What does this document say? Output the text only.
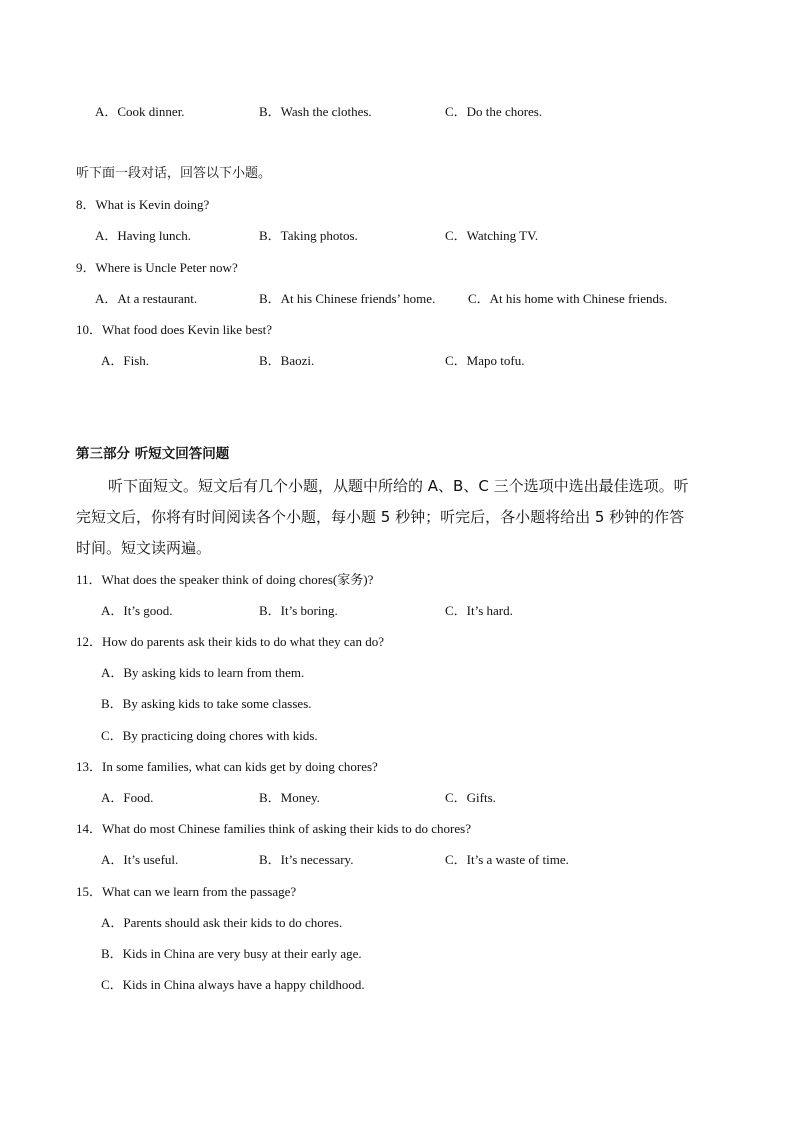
A．Cook dinner.	B．Wash the clothes.	C．Do the chores.
听下面一段对话，回答以下小题。
8．What is Kevin doing?
A．Having lunch.	B．Taking photos.	C．Watching TV.
9．Where is Uncle Peter now?
A．At a restaurant.	B．At his Chinese friends’ home.	C．At his home with Chinese friends.
10．What food does Kevin like best?
A．Fish.	B．Baozi.	C．Mapo tofu.
第三部分 听短文回答问题
听下面短文。短文后有几个小题，从题中所给的 A、B、C 三个选项中选出最佳选项。听
完短文后，你将有时间阅读各个小题，每小题 5 秒钟；听完后，各小题将给出 5 秒钟的作答
时间。短文读两遍。
11．What does the speaker think of doing chores(家务)?
A．It’s good.	B．It’s boring.	C．It’s hard.
12．How do parents ask their kids to do what they can do?
A．By asking kids to learn from them.
B．By asking kids to take some classes.
C．By practicing doing chores with kids.
13．In some families, what can kids get by doing chores?
A．Food.	B．Money.	C．Gifts.
14．What do most Chinese families think of asking their kids to do chores?
A．It’s useful.	B．It’s necessary.	C．It’s a waste of time.
15．What can we learn from the passage?
A．Parents should ask their kids to do chores.
B．Kids in China are very busy at their early age.
C．Kids in China always have a happy childhood.
